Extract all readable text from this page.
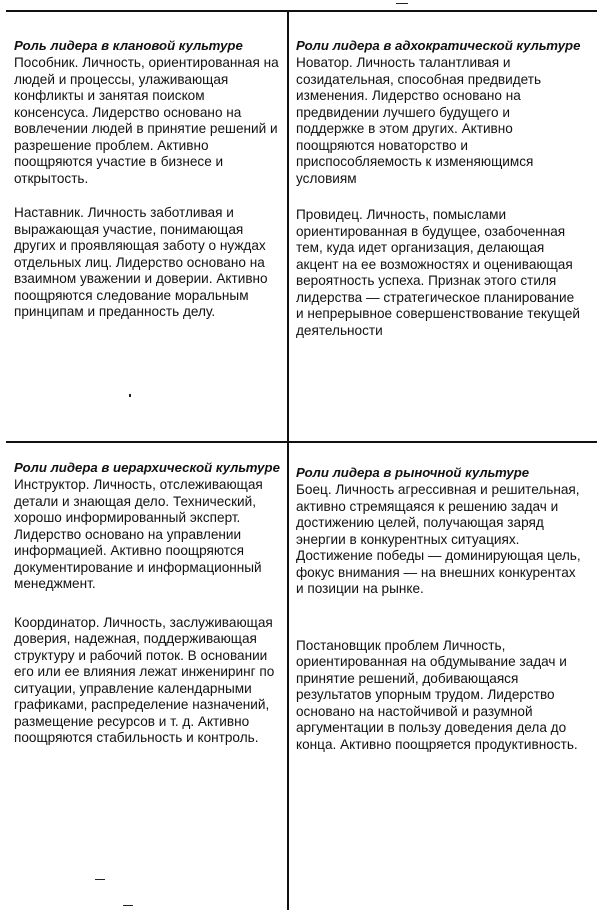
Роль лидера в клановой культуре

Пособник. Личность, ориентированная на людей и процессы, улаживающая конфликты и занятая поиском консенсуса. Лидерство основано на вовлечении людей в принятие решений и разрешение проблем. Активно поощряются участие в бизнесе и открытость.

Наставник. Личность заботливая и выражающая участие, понимающая других и проявляющая заботу о нуждах отдельных лиц. Лидерство основано на взаимном уважении и доверии. Активно поощряются следование моральным принципам и преданность делу.

Роли лидера в адхократической культуре

Новатор. Личность талантливая и созидательная, способная предвидеть изменения. Лидерство основано на предвидении лучшего будущего и поддержке в этом других. Активно поощряются новаторство и приспособляемость к изменяющимся условиям

Провидец. Личность, помыслами ориентированная в будущее, озабоченная тем, куда идет организация, делающая акцент на ее возможностях и оценивающая вероятность успеха. Признак этого стиля лидерства — стратегическое планирование и непрерывное совершенствование текущей деятельности

Роли лидера в иерархической культуре

Инструктор. Личность, отслеживающая детали и знающая дело. Технический, хорошо информированный эксперт. Лидерство основано на управлении информацией. Активно поощряются документирование и информационный менеджмент.

Координатор. Личность, заслуживающая доверия, надежная, поддерживающая структуру и рабочий поток. В основании его или ее влияния лежат инжениринг по ситуации, управление календарными графиками, распределение назначений, размещение ресурсов и т. д. Активно поощряются стабильность и контроль.

Роли лидера в рыночной культуре

Боец. Личность агрессивная и решительная, активно стремящаяся к решению задач и достижению целей, получающая заряд энергии в конкурентных ситуациях. Достижение победы — доминирующая цель, фокус внимания — на внешних конкурентах и позиции на рынке.

Постановщик проблем Личность, ориентированная на обдумывание задач и принятие решений, добивающаяся результатов упорным трудом. Лидерство основано на настойчивой и разумной аргументации в пользу доведения дела до конца. Активно поощряется продуктивность.
